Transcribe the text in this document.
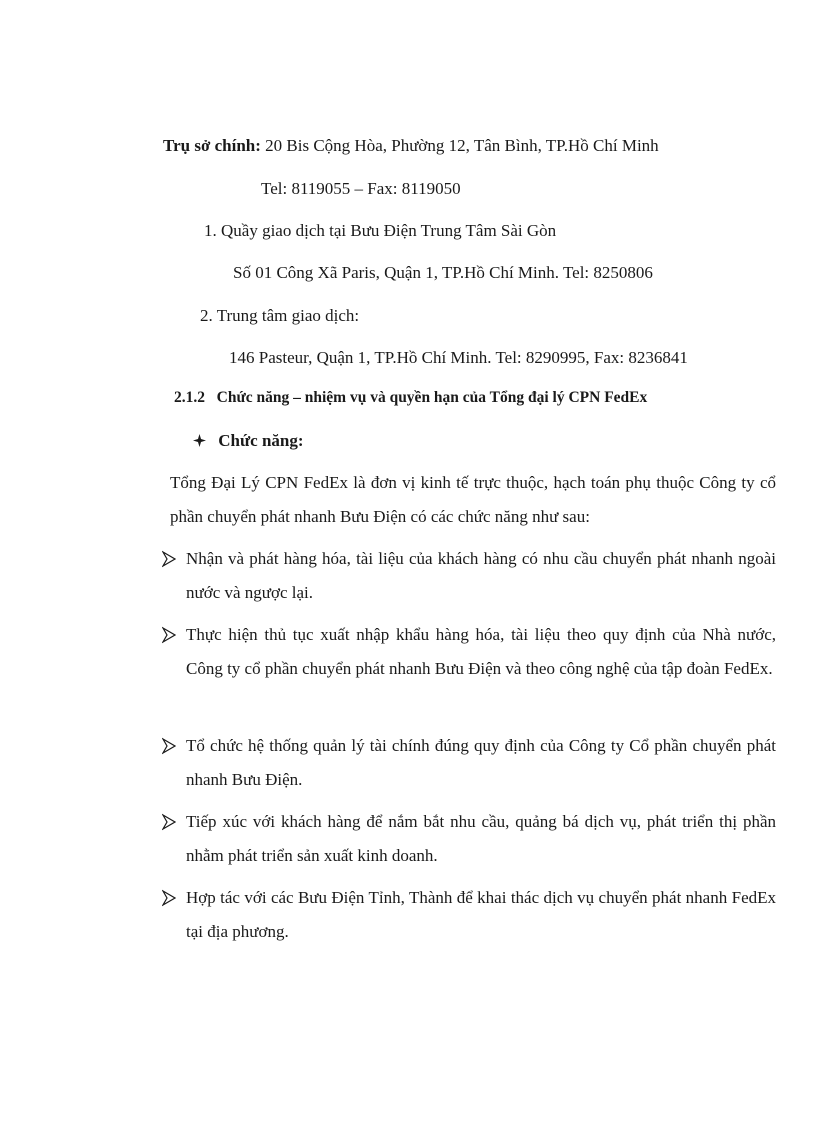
Trụ sở chính: 20 Bis Cộng Hòa, Phường 12, Tân Bình, TP.Hồ Chí Minh
Tel: 8119055 – Fax: 8119050
1. Quầy giao dịch tại Bưu Điện Trung Tâm Sài Gòn
Số 01 Công Xã Paris, Quận 1, TP.Hồ Chí Minh. Tel: 8250806
2. Trung tâm giao dịch:
146 Pasteur, Quận 1, TP.Hồ Chí Minh. Tel: 8290995, Fax: 8236841
2.1.2 Chức năng – nhiệm vụ và quyền hạn của Tổng đại lý CPN FedEx
Chức năng:
Tổng Đại Lý CPN FedEx là đơn vị kinh tế trực thuộc, hạch toán phụ thuộc Công ty cổ phần chuyển phát nhanh Bưu Điện có các chức năng như sau:
Nhận và phát hàng hóa, tài liệu của khách hàng có nhu cầu chuyển phát nhanh ngoài nước và ngược lại.
Thực hiện thủ tục xuất nhập khẩu hàng hóa, tài liệu theo quy định của Nhà nước, Công ty cổ phần chuyển phát nhanh Bưu Điện và theo công nghệ của tập đoàn FedEx.
Tổ chức hệ thống quản lý tài chính đúng quy định của Công ty Cổ phần chuyển phát nhanh Bưu Điện.
Tiếp xúc với khách hàng để nắm bắt nhu cầu, quảng bá dịch vụ, phát triển thị phần nhằm phát triển sản xuất kinh doanh.
Hợp tác với các Bưu Điện Tỉnh, Thành để khai thác dịch vụ chuyển phát nhanh FedEx tại địa phương.
